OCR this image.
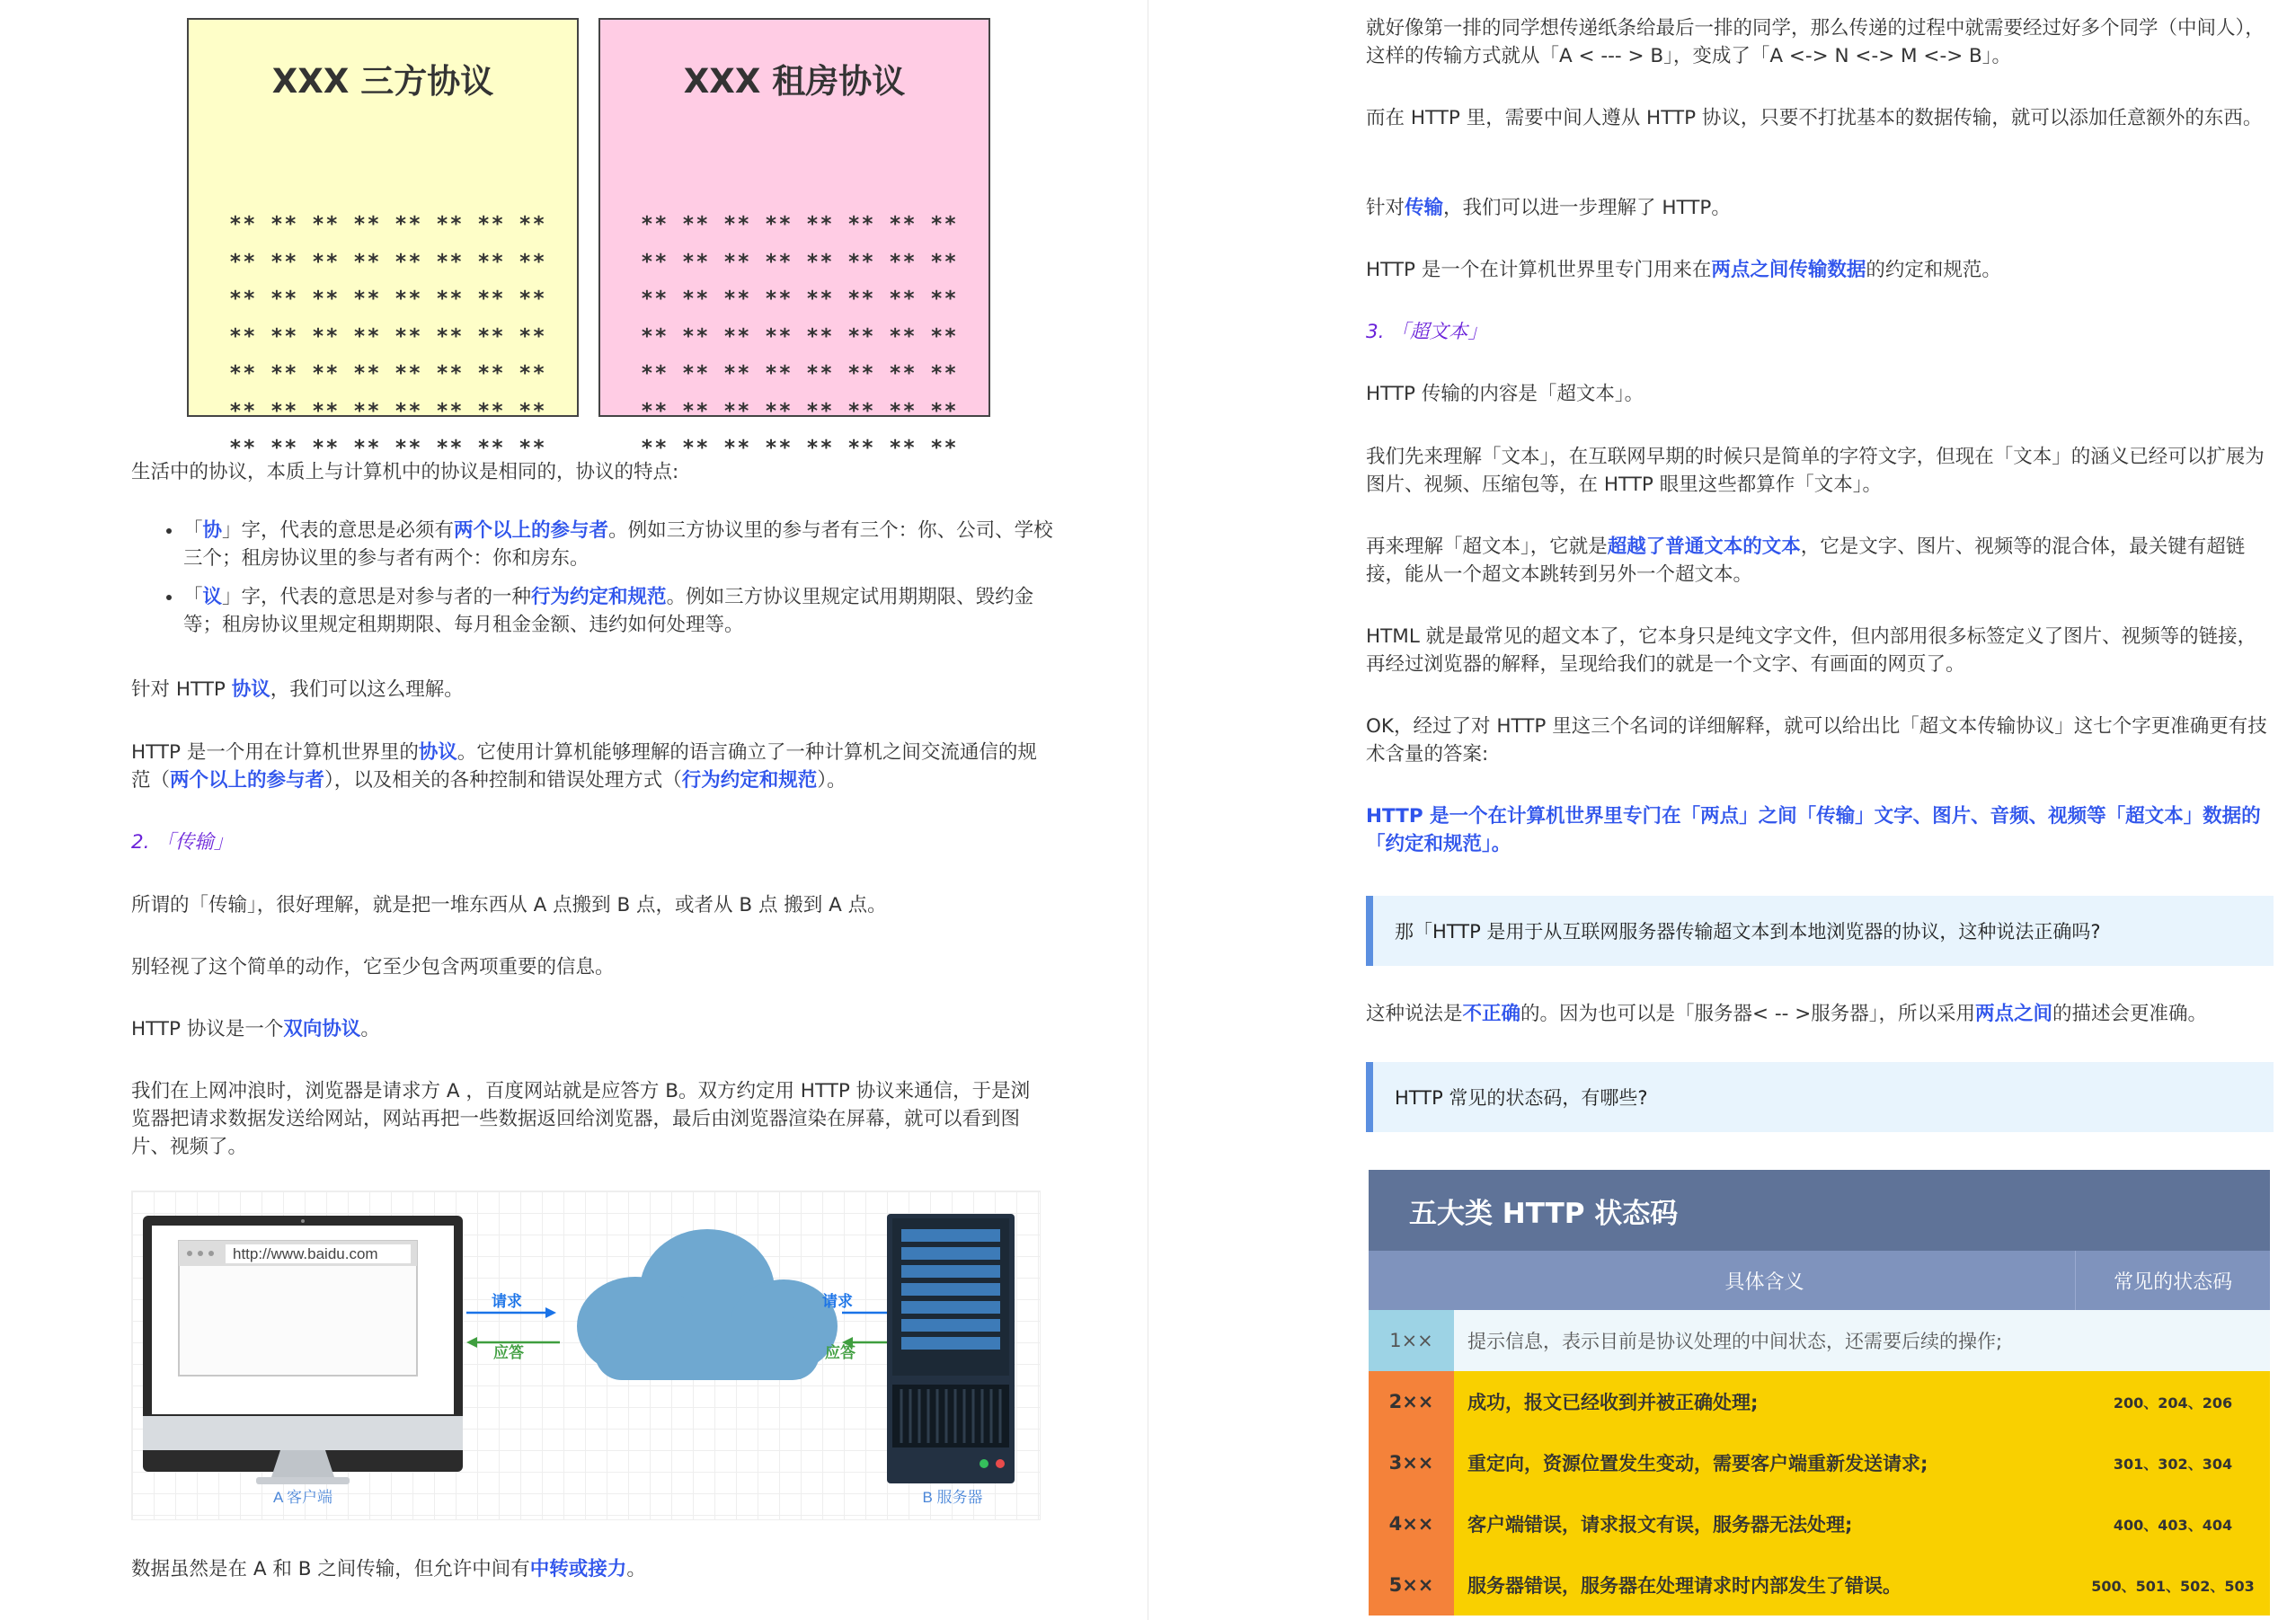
XXX 三方协议

** ** ** ** ** ** ** **
** ** ** ** ** ** ** **
** ** ** ** ** ** ** **
** ** ** ** ** ** ** **
** ** ** ** ** ** ** **
** ** ** ** ** ** ** **
** ** ** ** ** ** ** **

XXX 租房协议

** ** ** ** ** ** ** **
** ** ** ** ** ** ** **
** ** ** ** ** ** ** **
** ** ** ** ** ** ** **
** ** ** ** ** ** ** **
** ** ** ** ** ** ** **
** ** ** ** ** ** ** **

生活中的协议，本质上与计算机中的协议是相同的，协议的特点:

• 「协」字，代表的意思是必须有两个以上的参与者。例如三方协议里的参与者有三个：你、公司、学校三个；租房协议里的参与者有两个：你和房东。
• 「议」字，代表的意思是对参与者的一种行为约定和规范。例如三方协议里规定试用期期限、毁约金等；租房协议里规定租期期限、每月租金金额、违约如何处理等。

针对 HTTP 协议，我们可以这么理解。

HTTP 是一个用在计算机世界里的协议。它使用计算机能够理解的语言确立了一种计算机之间交流通信的规范（两个以上的参与者），以及相关的各种控制和错误处理方式（行为约定和规范）。

2. 「传输」

所谓的「传输」，很好理解，就是把一堆东西从 A 点搬到 B 点，或者从 B 点 搬到 A 点。

别轻视了这个简单的动作，它至少包含两项重要的信息。

HTTP 协议是一个双向协议。

我们在上网冲浪时，浏览器是请求方 A ，百度网站就是应答方 B。双方约定用 HTTP 协议来通信，于是浏览器把请求数据发送给网站，网站再把一些数据返回给浏览器，最后由浏览器渲染在屏幕，就可以看到图片、视频了。

http://www.baidu.com
A 客户端
请求
应答
请求
应答
B 服务器

数据虽然是在 A 和 B 之间传输，但允许中间有中转或接力。

就好像第一排的同学想传递纸条给最后一排的同学，那么传递的过程中就需要经过好多个同学（中间人），这样的传输方式就从「A < --- > B」，变成了「A <-> N <-> M <-> B」。

而在 HTTP 里，需要中间人遵从 HTTP 协议，只要不打扰基本的数据传输，就可以添加任意额外的东西。

针对传输，我们可以进一步理解了 HTTP。

HTTP 是一个在计算机世界里专门用来在两点之间传输数据的约定和规范。

3. 「超文本」

HTTP 传输的内容是「超文本」。

我们先来理解「文本」，在互联网早期的时候只是简单的字符文字，但现在「文本」的涵义已经可以扩展为图片、视频、压缩包等，在 HTTP 眼里这些都算作「文本」。

再来理解「超文本」，它就是超越了普通文本的文本，它是文字、图片、视频等的混合体，最关键有超链接，能从一个超文本跳转到另外一个超文本。

HTML 就是最常见的超文本了，它本身只是纯文字文件，但内部用很多标签定义了图片、视频等的链接，再经过浏览器的解释，呈现给我们的就是一个文字、有画面的网页了。

OK，经过了对 HTTP 里这三个名词的详细解释，就可以给出比「超文本传输协议」这七个字更准确更有技术含量的答案:

HTTP 是一个在计算机世界里专门在「两点」之间「传输」文字、图片、音频、视频等「超文本」数据的「约定和规范」。

那「HTTP 是用于从互联网服务器传输超文本到本地浏览器的协议，这种说法正确吗?

这种说法是不正确的。因为也可以是「服务器< -- >服务器」，所以采用两点之间的描述会更准确。

HTTP 常见的状态码，有哪些?
五大类 HTTP 状态码
具体含义	常见的状态码
1××	提示信息，表示目前是协议处理的中间状态，还需要后续的操作;
2××	成功，报文已经收到并被正确处理;	200、204、206
3××	重定向，资源位置发生变动，需要客户端重新发送请求;	301、302、304
4××	客户端错误，请求报文有误，服务器无法处理;	400、403、404
5××	服务器错误，服务器在处理请求时内部发生了错误。	500、501、502、503
